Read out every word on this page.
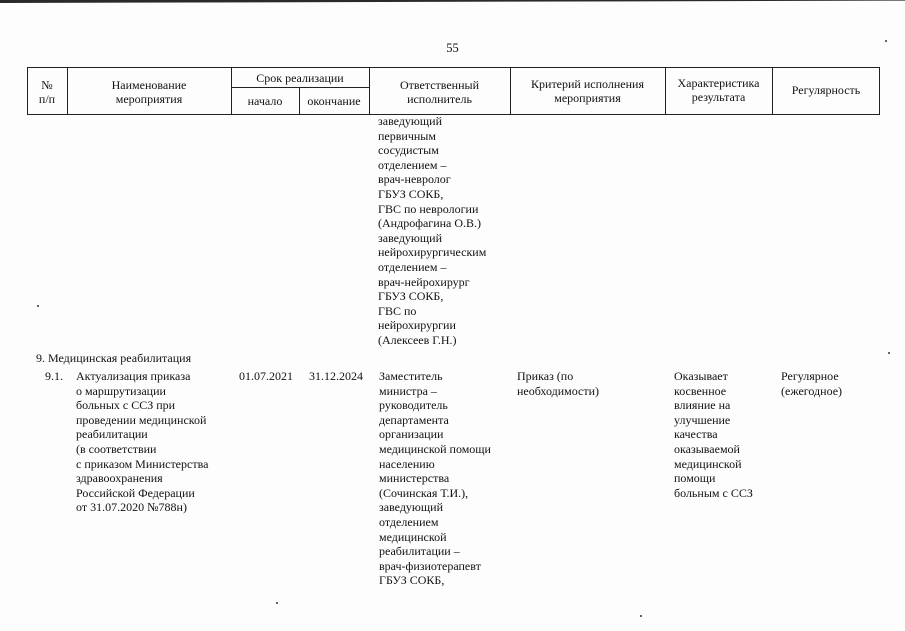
55
№
п/п
Наименование
мероприятия
Срок реализации
начало	окончание
Ответственный
исполнитель
Критерий исполнения
мероприятия
Характеристика
результата	Регулярность
заведующий
первичным
сосудистым
отделением –
врач-невролог
ГБУЗ СОКБ,
ГВС по неврологии
(Андрофагина О.В.)
заведующий
нейрохирургическим
отделением –
врач-нейрохирург
ГБУЗ СОКБ,
ГВС по
нейрохирургии
(Алексеев Г.Н.)
9. Медицинская реабилитация
9.1. Актуализация приказа
о маршрутизации
больных с ССЗ при
проведении медицинской
реабилитации
(в соответствии
с приказом Министерства
здравоохранения
Российской Федерации
от 31.07.2020 №788н)
01.07.2021 31.12.2024 Заместитель
министра –
руководитель
департамента
организации
медицинской помощи
населению
министерства
(Сочинская Т.И.),
заведующий
отделением
медицинской
реабилитации –
врач-физиотерапевт
ГБУЗ СОКБ,
Приказ (по
необходимости)
Оказывает
косвенное
влияние на
улучшение
качества
оказываемой
медицинской
помощи
больным с ССЗ
Регулярное
(ежегодное)
